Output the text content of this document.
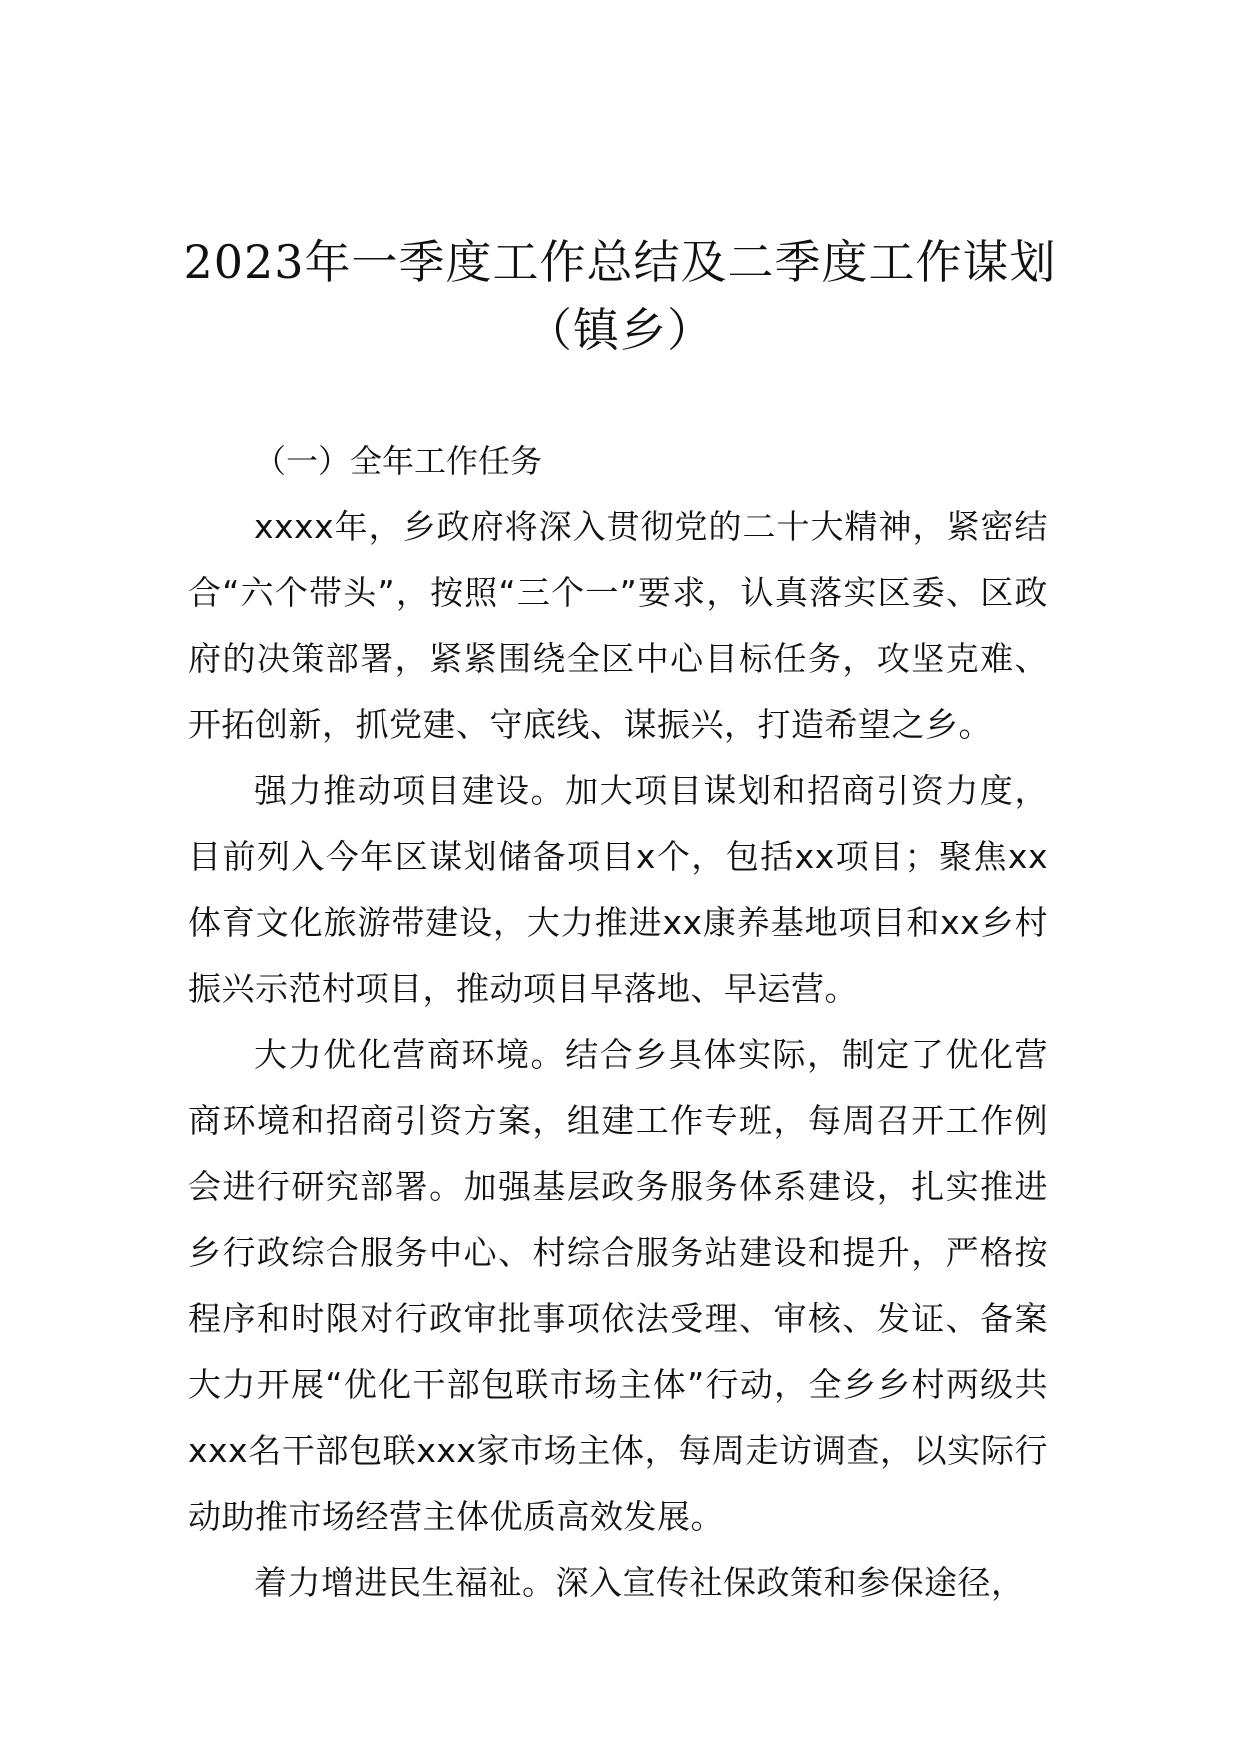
2023年一季度工作总结及二季度工作谋划
（镇乡）

（一）全年工作任务

xxxx年，乡政府将深入贯彻党的二十大精神，紧密结合“六个带头”，按照“三个一”要求，认真落实区委、区政府的决策部署，紧紧围绕全区中心目标任务，攻坚克难、开拓创新，抓党建、守底线、谋振兴，打造希望之乡。

强力推动项目建设。加大项目谋划和招商引资力度，目前列入今年区谋划储备项目x个，包括xx项目；聚焦xx体育文化旅游带建设，大力推进xx康养基地项目和xx乡村振兴示范村项目，推动项目早落地、早运营。

大力优化营商环境。结合乡具体实际，制定了优化营商环境和招商引资方案，组建工作专班，每周召开工作例会进行研究部署。加强基层政务服务体系建设，扎实推进乡行政综合服务中心、村综合服务站建设和提升，严格按程序和时限对行政审批事项依法受理、审核、发证、备案大力开展“优化干部包联市场主体”行动，全乡乡村两级共xxx名干部包联xxx家市场主体，每周走访调查，以实际行动助推市场经营主体优质高效发展。

着力增进民生福祉。深入宣传社保政策和参保途径，
